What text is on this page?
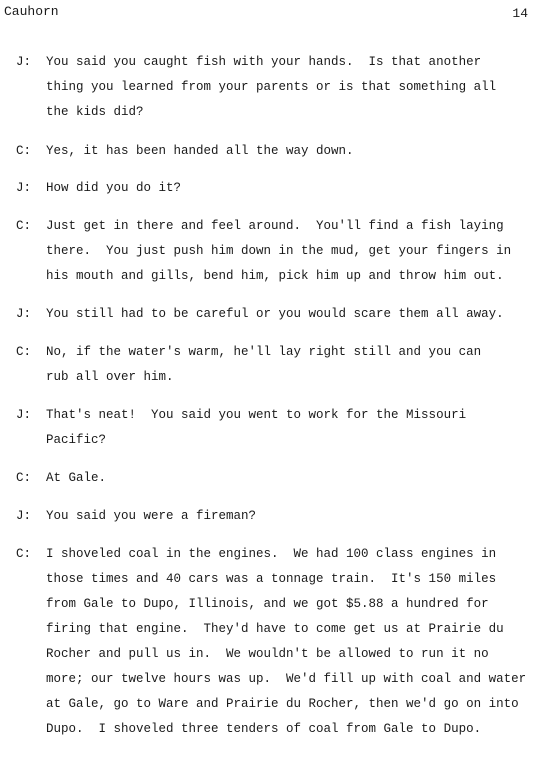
Cauhorn	14
J: You said you caught fish with your hands.  Is that another
thing you learned from your parents or is that something all
the kids did?
C: Yes, it has been handed all the way down.
J: How did you do it?
C: Just get in there and feel around.  You'll find a fish laying
there.  You just push him down in the mud, get your fingers in
his mouth and gills, bend him, pick him up and throw him out.
J: You still had to be careful or you would scare them all away.
C: No, if the water's warm, he'll lay right still and you can
rub all over him.
J: That's neat!  You said you went to work for the Missouri
Pacific?
C: At Gale.
J: You said you were a fireman?
C: I shoveled coal in the engines.  We had 100 class engines in
those times and 40 cars was a tonnage train.  It's 150 miles
from Gale to Dupo, Illinois, and we got $5.88 a hundred for
firing that engine.  They'd have to come get us at Prairie du
Rocher and pull us in.  We wouldn't be allowed to run it no
more; our twelve hours was up.  We'd fill up with coal and water
at Gale, go to Ware and Prairie du Rocher, then we'd go on into
Dupo.  I shoveled three tenders of coal from Gale to Dupo.
